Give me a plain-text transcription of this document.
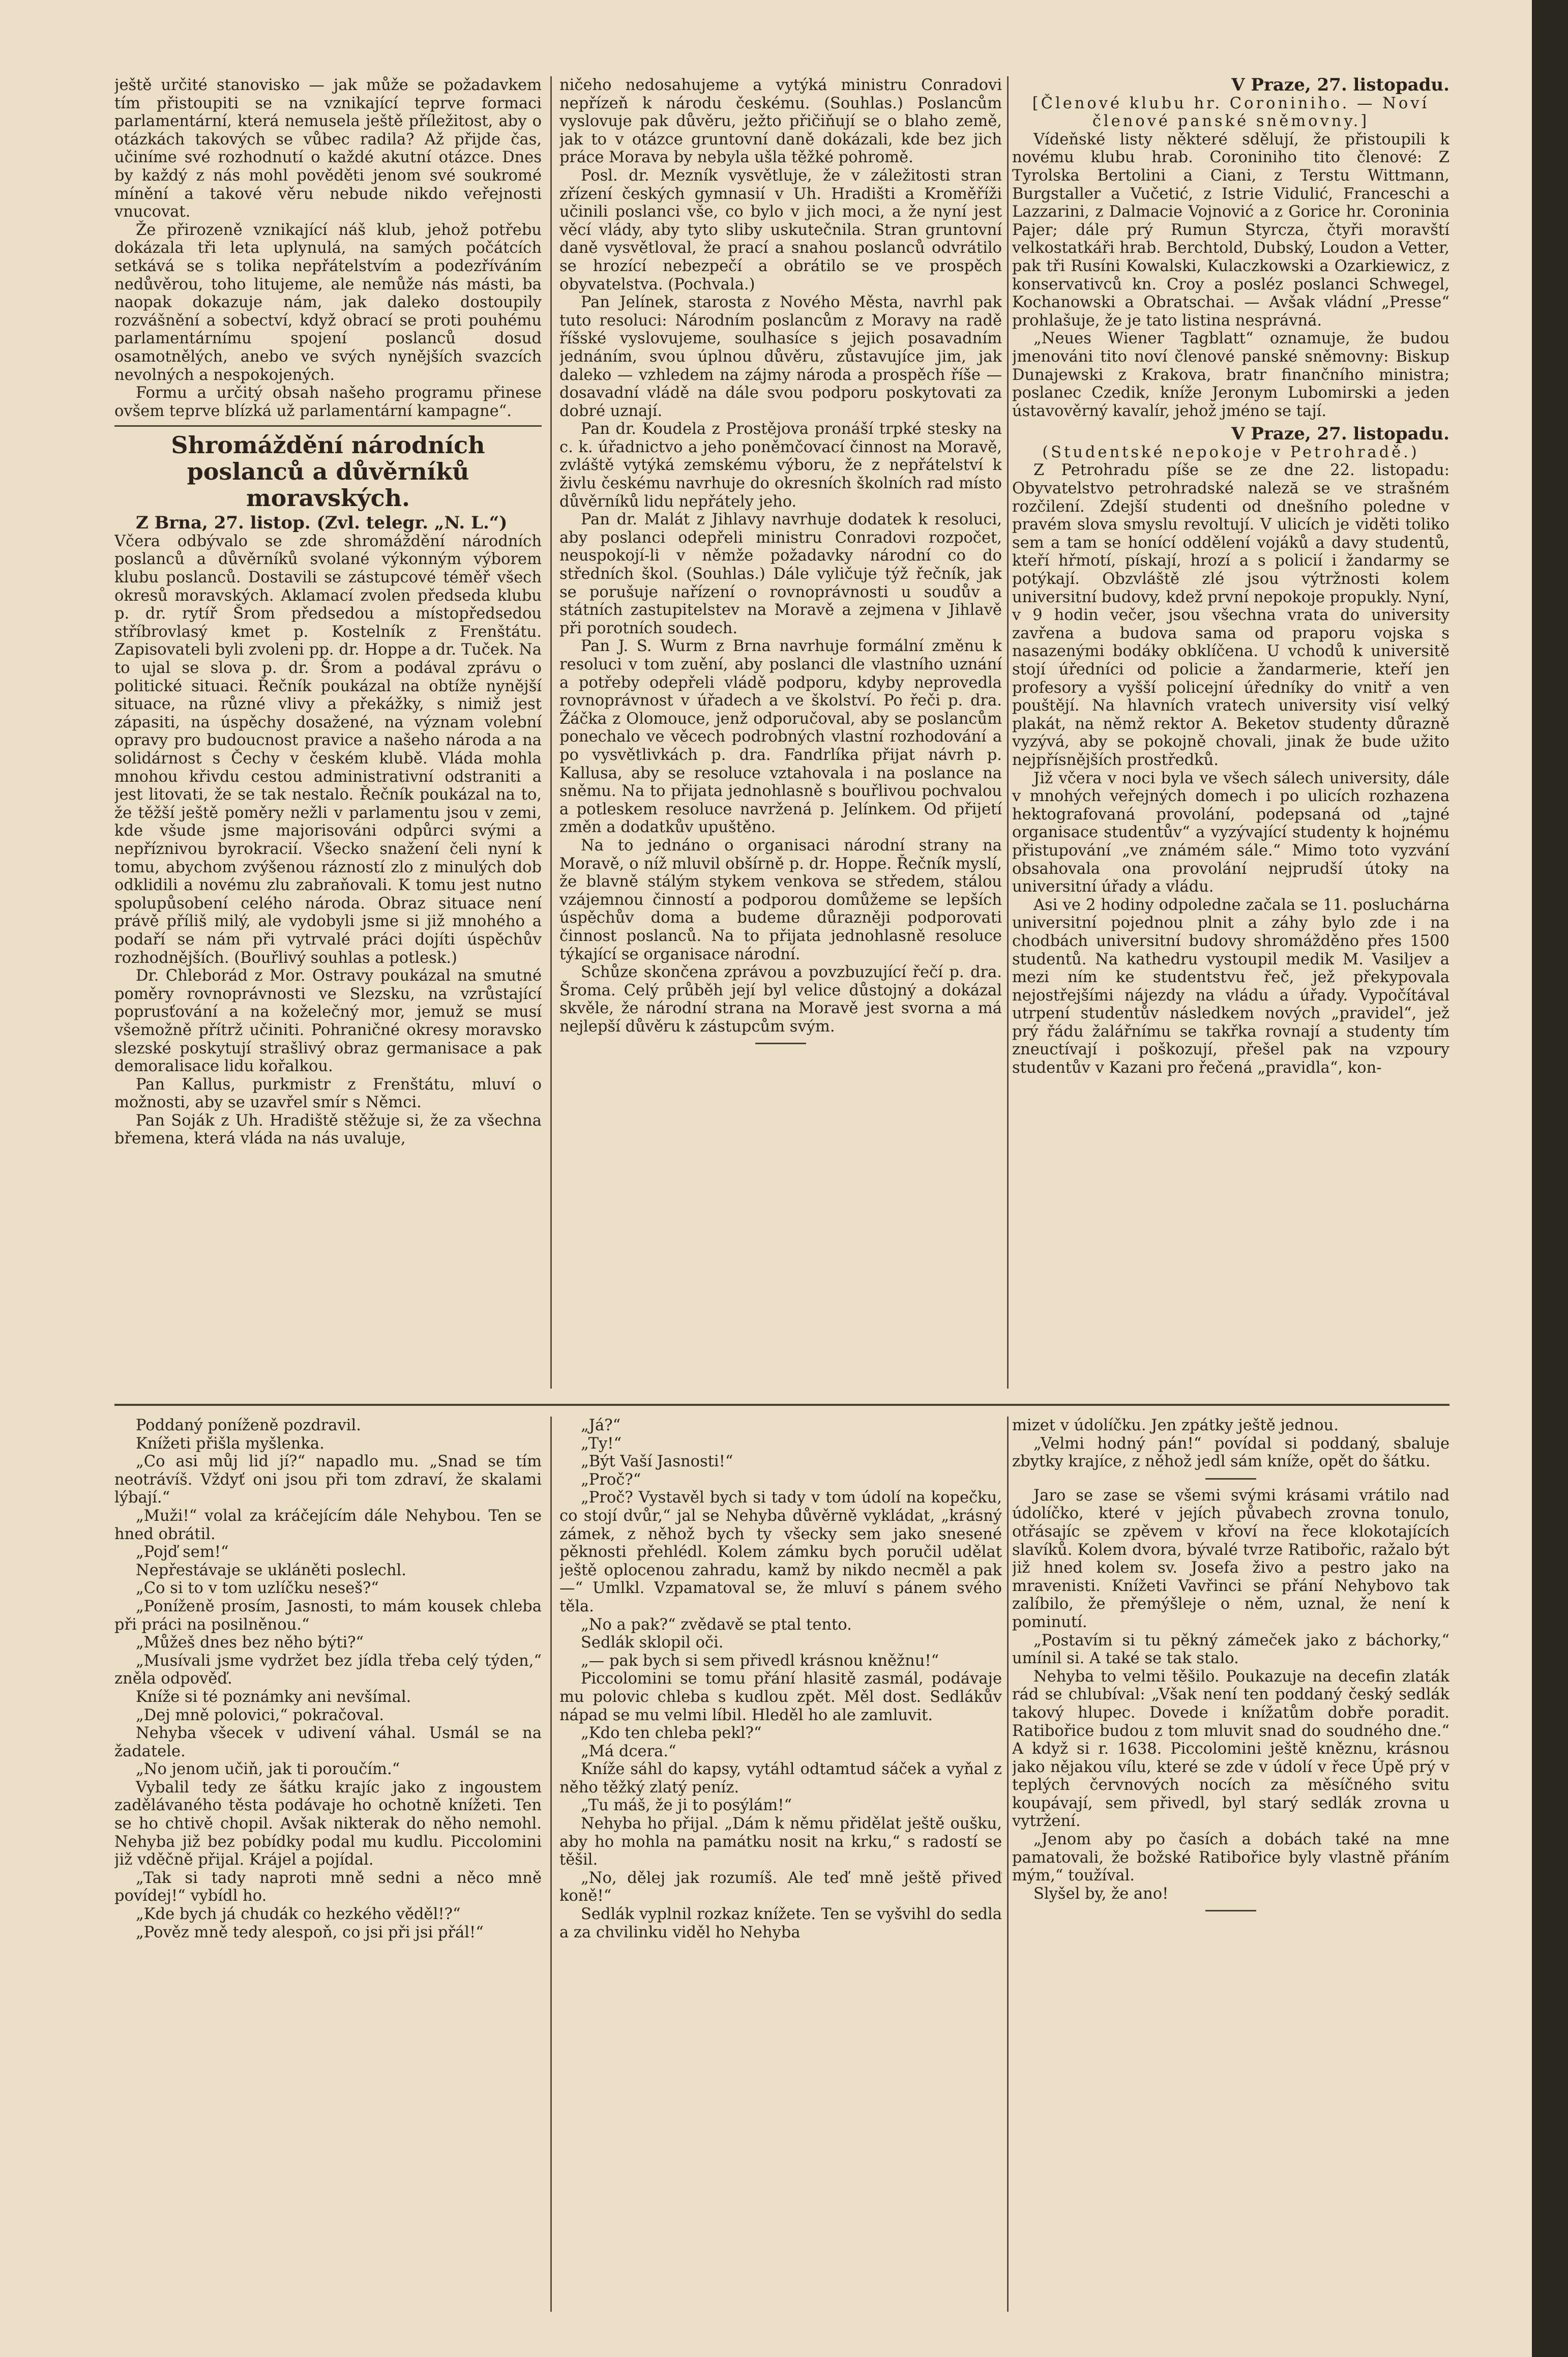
ještě určité stanovisko — jak může se požadavkem tím přistoupiti se na vznikající teprve formaci parlamentární, která nemusela ještě příležitost, aby o otázkách takových se vůbec radila? Až přijde čas, učiníme své rozhodnutí o každé akutní otázce. Dnes by každý z nás mohl pověděti jenom své soukromé mínění a takové věru nebude nikdo veřejnosti vnucovat.

Že přirozeně vznikající náš klub, jehož potřebu dokázala tři leta uplynulá, na samých počátcích setkává se s tolika nepřátelstvím a podezříváním nedůvěrou, toho litujeme, ale nemůže nás másti, ba naopak dokazuje nám, jak daleko dostoupily rozvášnění a sobectví, když obrací se proti pouhému parlamentárnímu spojení poslanců dosud osamotnělých, anebo ve svých nynějších svazcích nevolných a nespokojených.

Formu a určitý obsah našeho programu přinese ovšem teprve blízká už parlamentární kampagne“.

Shromáždění národních poslanců a důvěrníků moravských.

Z Brna, 27. listop. (Zvl. telegr. „N. L.“)

Včera odbývalo se zde shromáždění národních poslanců a důvěrníků svolané výkonným výborem klubu poslanců. Dostavili se zástupcové téměř všech okresů moravských. Aklamací zvolen předseda klubu p. dr. rytíř Šrom předsedou a místopředsedou stříbrovlasý kmet p. Kostelník z Frenštátu. Zapisovateli byli zvoleni pp. dr. Hoppe a dr. Tuček. Na to ujal se slova p. dr. Šrom a podával zprávu o politické situaci. Řečník poukázal na obtíže nynější situace, na různé vlivy a překážky, s nimiž jest zápasiti, na úspěchy dosažené, na význam volební opravy pro budoucnost pravice a našeho národa a na solidárnost s Čechy v českém klubě. Vláda mohla mnohou křivdu cestou administrativní odstraniti a jest litovati, že se tak nestalo. Řečník poukázal na to, že těžší ještě poměry nežli v parlamentu jsou v zemi, kde všude jsme majorisováni odpůrci svými a nepříznivou byrokracií. Všecko snažení čeli nyní k tomu, abychom zvýšenou rázností zlo z minulých dob odklidili a novému zlu zabraňovali. K tomu jest nutno spolupůsobení celého národa. Obraz situace není právě příliš milý, ale vydobyli jsme si již mnohého a podaří se nám při vytrvalé práci dojíti úspěchův rozhodnějších. (Bouřlivý souhlas a potlesk.)

Dr. Chleborád z Mor. Ostravy poukázal na smutné poměry rovnoprávnosti ve Slezsku, na vzrůstající poprusťování a na koželečný mor, jemuž se musí všemožně přítrž učiniti. Pohraničné okresy moravsko slezské poskytují strašlivý obraz germanisace a pak demoralisace lidu kořalkou.

Pan Kallus, purkmistr z Frenštátu, mluví o možnosti, aby se uzavřel smír s Němci.

Pan Soják z Uh. Hradiště stěžuje si, že za všechna břemena, která vláda na nás uvaluje,

ničeho nedosahujeme a vytýká ministru Conradovi nepřízeň k národu českému. (Souhlas.) Poslancům vyslovuje pak důvěru, ježto přičiňují se o blaho země, jak to v otázce gruntovní daně dokázali, kde bez jich práce Morava by nebyla ušla těžké pohromě.

Posl. dr. Mezník vysvětluje, že v záležitosti stran zřízení českých gymnasií v Uh. Hradišti a Kroměříži učinili poslanci vše, co bylo v jich moci, a že nyní jest věcí vlády, aby tyto sliby uskutečnila. Stran gruntovní daně vysvětloval, že prací a snahou poslanců odvrátilo se hrozící nebezpečí a obrátilo se ve prospěch obyvatelstva. (Pochvala.)

Pan Jelínek, starosta z Nového Města, navrhl pak tuto resoluci: Národním poslancům z Moravy na radě říšské vyslovujeme, soulhasíce s jejich posavadním jednáním, svou úplnou důvěru, zůstavujíce jim, jak daleko — vzhledem na zájmy národa a prospěch říše — dosavadní vládě na dále svou podporu poskytovati za dobré uznají.

Pan dr. Koudela z Prostějova pronáší trpké stesky na c. k. úřadnictvo a jeho poněmčovací činnost na Moravě, zvláště vytýká zemskému výboru, že z nepřátelství k živlu českému navrhuje do okresních školních rad místo důvěrníků lidu nepřátely jeho.

Pan dr. Malát z Jihlavy navrhuje dodatek k resoluci, aby poslanci odepřeli ministru Conradovi rozpočet, neuspokojí-li v němže požadavky národní co do středních škol. (Souhlas.) Dále vyličuje týž řečník, jak se porušuje nařízení o rovnoprávnosti u soudův a státních zastupitelstev na Moravě a zejmena v Jihlavě při porotních soudech.

Pan J. S. Wurm z Brna navrhuje formální změnu k resoluci v tom zuění, aby poslanci dle vlastního uznání a potřeby odepřeli vládě podporu, kdyby neprovedla rovnoprávnost v úřadech a ve školství. Po řeči p. dra. Žáčka z Olomouce, jenž odporučoval, aby se poslancům ponechalo ve věcech podrobných vlastní rozhodování a po vysvětlivkách p. dra. Fandrlíka přijat návrh p. Kallusa, aby se resoluce vztahovala i na poslance na sněmu. Na to přijata jednohlasně s bouřlivou pochvalou a potleskem resoluce navržená p. Jelínkem. Od přijetí změn a dodatkův upuštěno.

Na to jednáno o organisaci národní strany na Moravě, o níž mluvil obšírně p. dr. Hoppe. Řečník myslí, že blavně stálým stykem venkova se středem, stálou vzájemnou činností a podporou domůžeme se lepších úspěchův doma a budeme důrazněji podporovati činnost poslanců. Na to přijata jednohlasně resoluce týkající se organisace národní.

Schůze skončena zprávou a povzbuzující řečí p. dra. Šroma. Celý průběh její byl velice důstojný a dokázal skvěle, že národní strana na Moravě jest svorna a má nejlepší důvěru k zástupcům svým.

V Praze, 27. listopadu.

[Členové klubu hr. Coroniniho. — Noví členové panské sněmovny.]

Vídeňské listy některé sdělují, že přistoupili k novému klubu hrab. Coroniniho tito členové: Z Tyrolska Bertolini a Ciani, z Terstu Wittmann, Burgstaller a Vučetić, z Istrie Vidulić, Franceschi a Lazzarini, z Dalmacie Vojnović a z Gorice hr. Coroninia Pajer; dále prý Rumun Styrcza, čtyři moravští velkostatkáři hrab. Berchtold, Dubský, Loudon a Vetter, pak tři Rusíni Kowalski, Kulaczkowski a Ozarkiewicz, z konservativců kn. Croy a posléz poslanci Schwegel, Kochanowski a Obratschai. — Avšak vládní „Presse“ prohlašuje, že je tato listina nesprávná.

„Neues Wiener Tagblatt“ oznamuje, že budou jmenováni tito noví členové panské sněmovny: Biskup Dunajewski z Krakova, bratr finančního ministra; poslanec Czedik, kníže Jeronym Lubomirski a jeden ústavověrný kavalír, jehož jméno se tají.

V Praze, 27. listopadu.

(Studentské nepokoje v Petrohradě.)

Z Petrohradu píše se ze dne 22. listopadu: Obyvatelstvo petrohradské naleză se ve strašném rozčilení. Zdejší studenti od dnešního poledne v pravém slova smyslu revoltují. V ulicích je viděti toliko sem a tam se honící oddělení vojáků a davy studentů, kteří hřmotí, pískají, hrozí a s policií i žandarmy se potýkají. Obzvláště zlé jsou výtržnosti kolem universitní budovy, kdež první nepokoje propukly. Nyní, v 9 hodin večer, jsou všechna vrata do university zavřena a budova sama od praporu vojska s nasazenými bodáky obklíčena. U vchodů k universitě stojí úředníci od policie a žandarmerie, kteří jen profesory a vyšší policejní úředníky do vnitř a ven pouštějí. Na hlavních vratech university visí velký plakát, na němž rektor A. Beketov studenty důrazně vyzývá, aby se pokojně chovali, jinak že bude užito nejpřísnějších prostředků.

Již včera v noci byla ve všech sálech university, dále v mnohých veřejných domech i po ulicích rozhazena hektografovaná provolání, podepsaná od „tajné organisace studentův“ a vyzývající studenty k hojnému přistupování „ve známém sále.“ Mimo toto vyzvání obsahovala ona provolání nejprudší útoky na universitní úřady a vládu.

Asi ve 2 hodiny odpoledne začala se 11. posluchárna universitní pojednou plnit a záhy bylo zde i na chodbách universitní budovy shromážděno přes 1500 studentů. Na kathedru vystoupil medik M. Vasiljev a mezi ním ke studentstvu řeč, jež překypovala nejostřejšími nájezdy na vládu a úřady. Vypočítával utrpení studentův následkem nových „pravidel“, jež prý řádu žalářnímu se takřka rovnají a studenty tím zneuctívají i poškozují, přešel pak na vzpoury studentův v Kazani pro řečená „pravidla“, kon-

Poddaný poníženě pozdravil.

Knížeti přišla myšlenka.

„Co asi můj lid jí?“ napadlo mu. „Snad se tím neotrávíš. Vždyť oni jsou při tom zdraví, že skalami lýbají.“

„Muži!“ volal za kráčejícím dále Nehybou. Ten se hned obrátil.

„Pojď sem!“

Nepřestávaje se ukláněti poslechl.

„Co si to v tom uzlíčku neseš?“

„Poníženě prosím, Jasnosti, to mám kousek chleba při práci na posilněnou.“

„Můžeš dnes bez něho býti?“

„Musívali jsme vydržet bez jídla třeba celý týden,“ zněla odpověď.

Kníže si té poznámky ani nevšímal.

„Dej mně polovici,“ pokračoval.

Nehyba všecek v udivení váhal. Usmál se na žadatele.

„No jenom učiň, jak ti poroučím.“

Vybalil tedy ze šátku krajíc jako z ingoustem zadělávaného těsta podávaje ho ochotně knížeti. Ten se ho chtivě chopil. Avšak nikterak do něho nemohl. Nehyba již bez pobídky podal mu kudlu. Piccolomini již vděčně přijal. Krájel a pojídal.

„Tak si tady naproti mně sedni a něco mně povídej!“ vybídl ho.

„Kde bych já chudák co hezkého věděl!?“

„Pověz mně tedy alespoň, co jsi při jsi přál!“

„Já?“

„Ty!“

„Být Vaší Jasnosti!“

„Proč?“

„Proč? Vystavěl bych si tady v tom údolí na kopečku, co stojí dvůr,“ jal se Nehyba důvěrně vykládat, „krásný zámek, z něhož bych ty všecky sem jako snesené pěknosti přehlédl. Kolem zámku bych poručil udělat ještě oplocenou zahradu, kamž by nikdo necměl a pak —“ Umlkl. Vzpamatoval se, že mluví s pánem svého těla.

„No a pak?“ zvědavě se ptal tento.

Sedlák sklopil oči.

„— pak bych si sem přivedl krásnou kněžnu!“

Piccolomini se tomu přání hlasitě zasmál, podávaje mu polovic chleba s kudlou zpět. Měl dost. Sedlákův nápad se mu velmi líbil. Hleděl ho ale zamluvit.

„Kdo ten chleba pekl?“

„Má dcera.“

Kníže sáhl do kapsy, vytáhl odtamtud sáček a vyňal z něho těžký zlatý peníz.

„Tu máš, že ji to posýlám!“

Nehyba ho přijal. „Dám k němu přidělat ještě oušku, aby ho mohla na památku nosit na krku,“ s radostí se těšil.

„No, dělej jak rozumíš. Ale teď mně ještě přiveď koně!“

Sedlák vyplnil rozkaz knížete. Ten se vyšvihl do sedla a za chvilinku viděl ho Nehyba

mizet v údolíčku. Jen zpátky ještě jednou.

„Velmi hodný pán!“ povídal si poddaný, sbaluje zbytky krajíce, z něhož jedl sám kníže, opět do šátku.

Jaro se zase se všemi svými krásami vrátilo nad údolíčko, které v jejích půvabech zrovna tonulo, otřásajíc se zpěvem v křoví na řece klokotajících slavíků. Kolem dvora, bývalé tvrze Ratibořic, ražalo být již hned kolem sv. Josefa živo a pestro jako na mravenisti. Knížeti Vavřinci se přání Nehybovo tak zalíbilo, že přemýšleje o něm, uznal, že není k pominutí.

„Postavím si tu pěkný zámeček jako z báchorky,“ umínil si. A také se tak stalo.

Nehyba to velmi těšilo. Poukazuje na decefin zlaták rád se chlubíval: „Však není ten poddaný český sedlák takový hlupec. Dovede i knížatům dobře poradit. Ratibořice budou z tom mluvit snad do soudného dne.“ A když si r. 1638. Piccolomini ještě kněznu, krásnou jako nějakou vílu, které se zde v údolí v řece Úpě prý v teplých červnových nocích za měsíčného svitu koupávají, sem přivedl, byl starý sedlák zrovna u vytržení.

„Jenom aby po časích a dobách také na mne pamatovali, že božské Ratibořice byly vlastně přáním mým,“ toužíval.

Slyšel by, že ano!
